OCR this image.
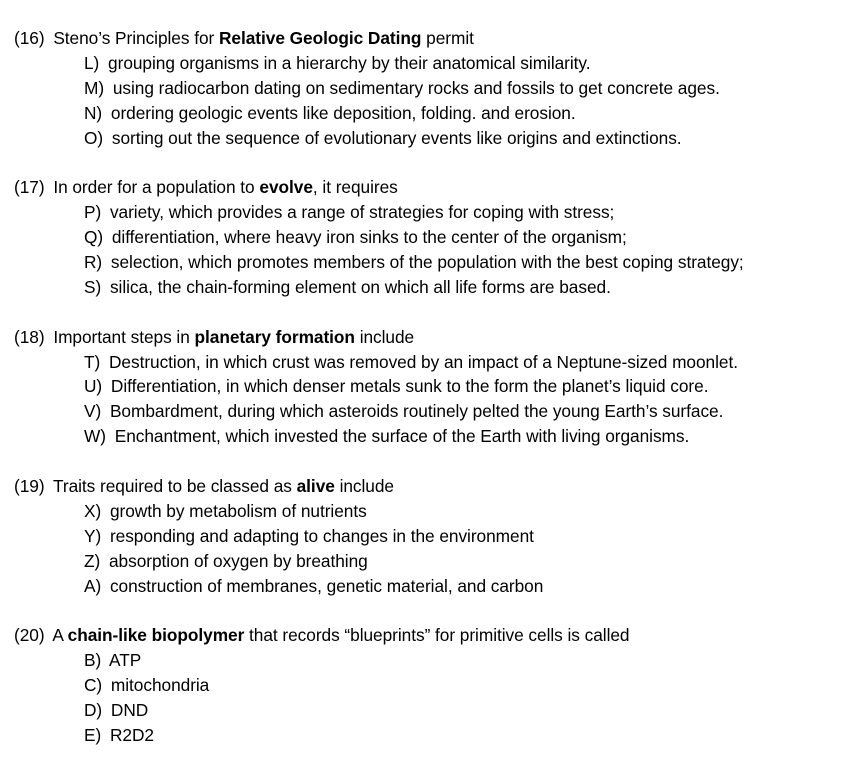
(16) Steno’s Principles for Relative Geologic Dating permit
L) grouping organisms in a hierarchy by their anatomical similarity.
M) using radiocarbon dating on sedimentary rocks and fossils to get concrete ages.
N) ordering geologic events like deposition, folding. and erosion.
O) sorting out the sequence of evolutionary events like origins and extinctions.
(17) In order for a population to evolve, it requires
P) variety, which provides a range of strategies for coping with stress;
Q) differentiation, where heavy iron sinks to the center of the organism;
R) selection, which promotes members of the population with the best coping strategy;
S) silica, the chain-forming element on which all life forms are based.
(18) Important steps in planetary formation include
T) Destruction, in which crust was removed by an impact of a Neptune-sized moonlet.
U) Differentiation, in which denser metals sunk to the form the planet’s liquid core.
V) Bombardment, during which asteroids routinely pelted the young Earth’s surface.
W) Enchantment, which invested the surface of the Earth with living organisms.
(19) Traits required to be classed as alive include
X) growth by metabolism of nutrients
Y) responding and adapting to changes in the environment
Z) absorption of oxygen by breathing
A) construction of membranes, genetic material, and carbon
(20) A chain-like biopolymer that records “blueprints” for primitive cells is called
B) ATP
C) mitochondria
D) DND
E) R2D2
